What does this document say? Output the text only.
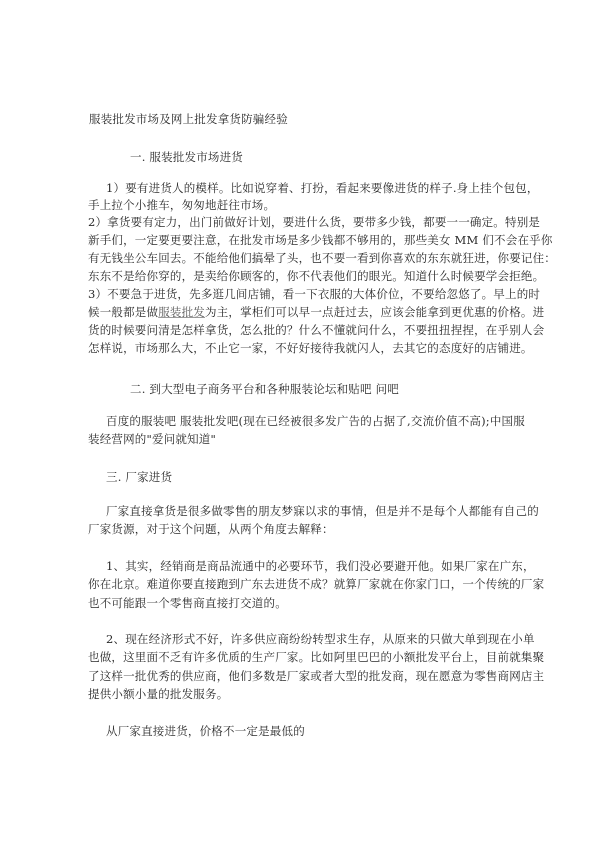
服装批发市场及网上批发拿货防骗经验
一. 服装批发市场进货
1）要有进货人的模样。比如说穿着、打扮，看起来要像进货的样子.身上挂个包包，
手上拉个小推车，匆匆地赶往市场。
2）拿货要有定力，出门前做好计划，要进什么货，要带多少钱，都要一一确定。特别是
新手们，一定要更要注意，在批发市场是多少钱都不够用的，那些美女 MM 们不会在乎你
有无钱坐公车回去。不能给他们搞晕了头，也不要一看到你喜欢的东东就狂进，你要记住：
东东不是给你穿的，是卖给你顾客的，你不代表他们的眼光。知道什么时候要学会拒绝。
3）不要急于进货，先多逛几间店铺，看一下衣服的大体价位，不要给忽悠了。早上的时
候一般都是做服装批发为主，掌柜们可以早一点赶过去，应该会能拿到更优惠的价格。进
货的时候要问清是怎样拿货，怎么批的？什么不懂就问什么，不要扭扭捏捏，在乎别人会
怎样说，市场那么大，不止它一家，不好好接待我就闪人，去其它的态度好的店铺进。
二. 到大型电子商务平台和各种服装论坛和贴吧 问吧
百度的服装吧 服装批发吧(现在已经被很多发广告的占据了,交流价值不高);中国服
装经营网的"爱问就知道"
三. 厂家进货
厂家直接拿货是很多做零售的朋友梦寐以求的事情，但是并不是每个人都能有自己的
厂家货源，对于这个问题，从两个角度去解释：
1、其实，经销商是商品流通中的必要环节，我们没必要避开他。如果厂家在广东，
你在北京。难道你要直接跑到广东去进货不成？就算厂家就在你家门口，一个传统的厂家
也不可能跟一个零售商直接打交道的。
2、现在经济形式不好，许多供应商纷纷转型求生存，从原来的只做大单到现在小单
也做，这里面不乏有许多优质的生产厂家。比如阿里巴巴的小额批发平台上，目前就集聚
了这样一批优秀的供应商，他们多数是厂家或者大型的批发商，现在愿意为零售商网店主
提供小额小量的批发服务。
从厂家直接进货，价格不一定是最低的
